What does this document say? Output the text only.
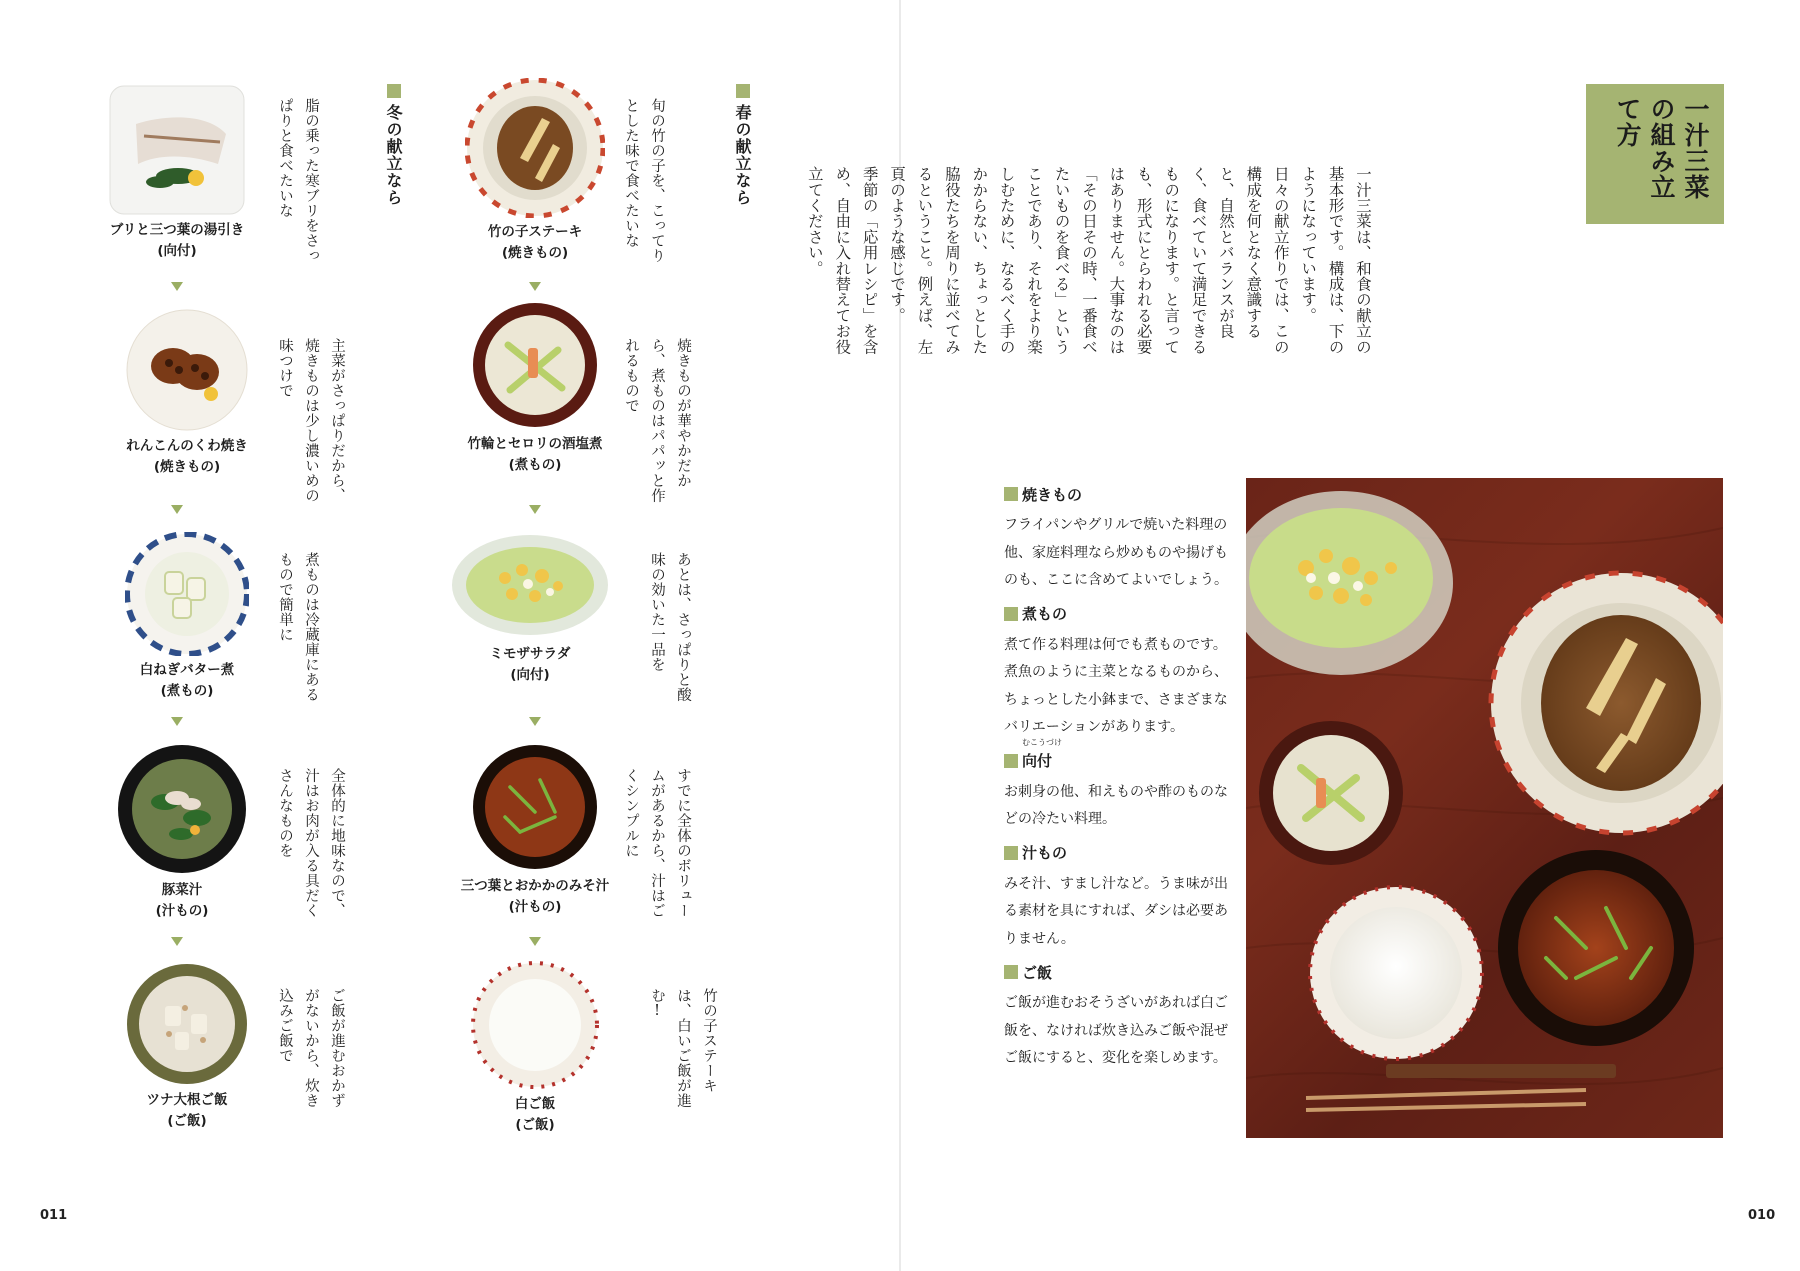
一汁三菜の組み立て方

一汁三菜は、和食の献立の基本形です。構成は、下のようになっています。

日々の献立作りでは、この構成を何となく意識すると、自然とバランスが良く、食べていて満足できるものになります。と言っても、形式にとらわれる必要はありません。大事なのは「その日その時、一番食べたいものを食べる」ということであり、それをより楽しむために、なるべく手のかからない、ちょっとした脇役たちを周りに並べてみるということ。例えば、左頁のような感じです。

季節の「応用レシピ」を含め、自由に入れ替えてお役立てください。

焼きもの
フライパンやグリルで焼いた料理の他、家庭料理なら炒めものや揚げものも、ここに含めてよいでしょう。
煮もの
煮て作る料理は何でも煮ものです。煮魚のように主菜となるものから、ちょっとした小鉢まで、さまざまなバリエーションがあります。
むこうづけ
向付
お刺身の他、和えものや酢のものなどの冷たい料理。
汁もの
みそ汁、すまし汁など。うま味が出る素材を具にすれば、ダシは必要ありません。
ご飯
ご飯が進むおそうざいがあれば白ご飯を、なければ炊き込みご飯や混ぜご飯にすると、変化を楽しめます。
010
春の献立なら
冬の献立なら	旬の竹の子を、こってりとした味で食べたいな
焼きものが華やかだから、煮ものはパパッと作れるもので
あとは、さっぱりと酸味の効いた一品を
すでに全体のボリュームがあるから、汁はごくシンプルに
竹の子ステーキは、白いご飯が進む!
脂の乗った寒ブリをさっぱりと食べたいな
主菜がさっぱりだから、焼きものは少し濃いめの味つけで
煮ものは冷蔵庫にあるもので簡単に
全体的に地味なので、汁はお肉が入る具だくさんなものを
ご飯が進むおかずがないから、炊き込みご飯で
竹の子ステーキ
(焼きもの)
竹輪とセロリの酒塩煮
(煮もの)
ミモザサラダ
(向付)
三つ葉とおかかのみそ汁
(汁もの)
白ご飯
(ご飯)
ブリと三つ葉の湯引き
(向付)
れんこんのくわ焼き
(焼きもの)
白ねぎバター煮
(煮もの)
豚菜汁
(汁もの)
ツナ大根ご飯
(ご飯)
011
